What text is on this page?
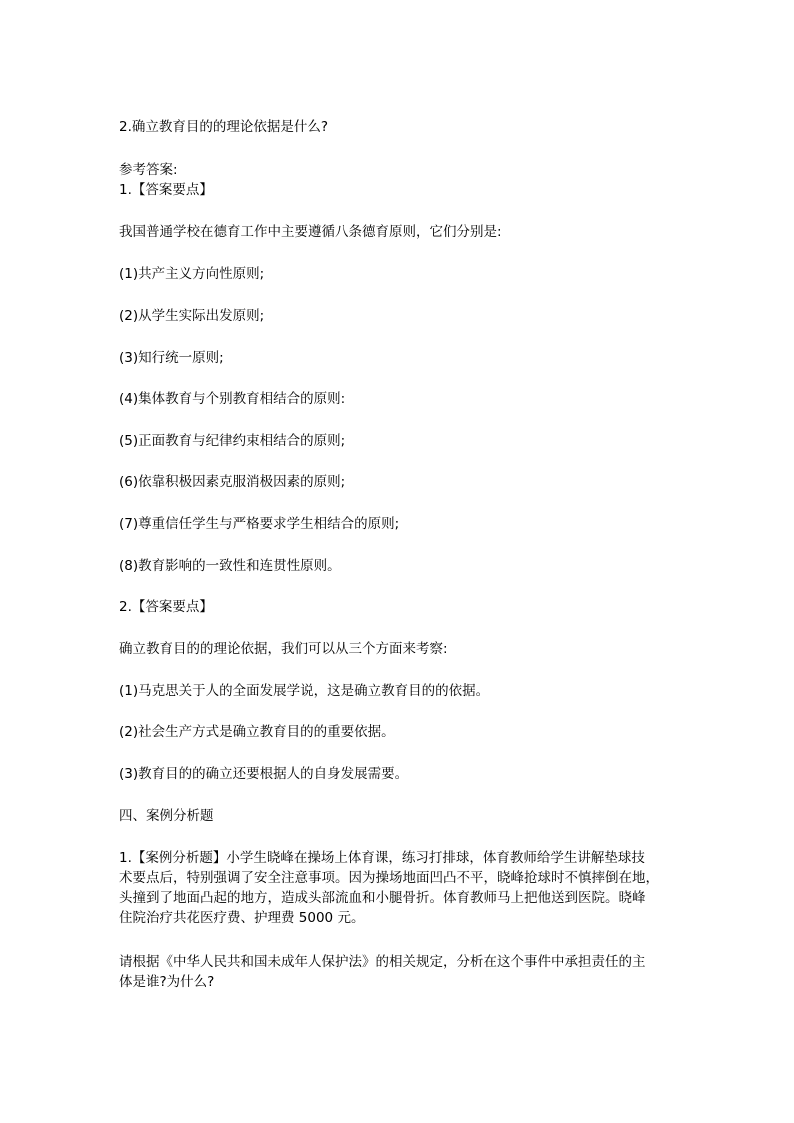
2.确立教育目的的理论依据是什么?
参考答案:
1.【答案要点】
我国普通学校在德育工作中主要遵循八条德育原则，它们分别是:
(1)共产主义方向性原则;
(2)从学生实际出发原则;
(3)知行统一原则;
(4)集体教育与个别教育相结合的原则:
(5)正面教育与纪律约束相结合的原则;
(6)依靠积极因素克服消极因素的原则;
(7)尊重信任学生与严格要求学生相结合的原则;
(8)教育影响的一致性和连贯性原则。
2.【答案要点】
确立教育目的的理论依据，我们可以从三个方面来考察:
(1)马克思关于人的全面发展学说，这是确立教育目的的依据。
(2)社会生产方式是确立教育目的的重要依据。
(3)教育目的的确立还要根据人的自身发展需要。
四、案例分析题
1.【案例分析题】小学生晓峰在操场上体育课，练习打排球，体育教师给学生讲解垫球技
术要点后，特别强调了安全注意事项。因为操场地面凹凸不平，晓峰抢球时不慎摔倒在地，
头撞到了地面凸起的地方，造成头部流血和小腿骨折。体育教师马上把他送到医院。晓峰
住院治疗共花医疗费、护理费 5000 元。
请根据《中华人民共和国未成年人保护法》的相关规定，分析在这个事件中承担责任的主
体是谁?为什么?
